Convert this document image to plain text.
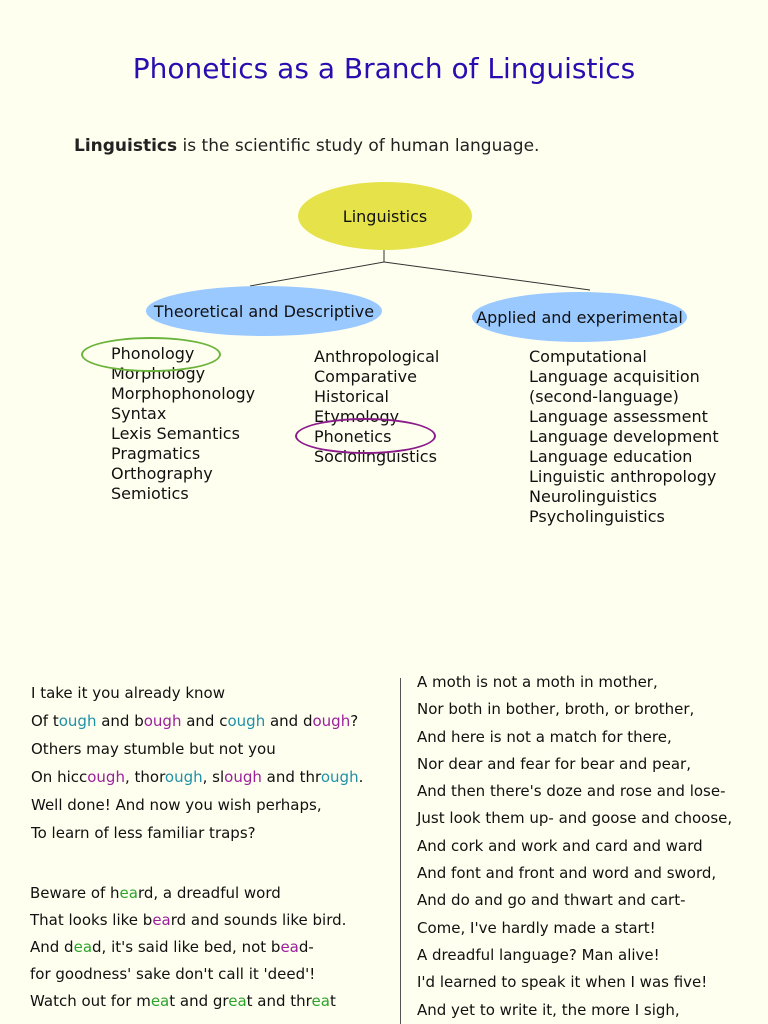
Phonetics as a Branch of Linguistics
Linguistics is the scientific study of human language.
Linguistics
Theoretical and Descriptive	Applied and experimental
Phonology
Morphology
Morphophonology
Syntax
Lexis Semantics
Pragmatics
Orthography
Semiotics
Anthropological
Comparative
Historical
Etymology
Phonetics
Sociolinguistics
Computational
Language acquisition
(second-language)
Language assessment
Language development
Language education
Linguistic anthropology
Neurolinguistics
Psycholinguistics
I take it you already know
Of tough and bough and cough and dough?
Others may stumble but not you
On hiccough, thorough, slough and through.
Well done! And now you wish perhaps,
To learn of less familiar traps?
Beware of heard, a dreadful word
That looks like beard and sounds like bird.
And dead, it's said like bed, not bead-
for goodness' sake don't call it 'deed'!
Watch out for meat and great and threat
A moth is not a moth in mother,
Nor both in bother, broth, or brother,
And here is not a match for there,
Nor dear and fear for bear and pear,
And then there's doze and rose and lose-
Just look them up- and goose and choose,
And cork and work and card and ward
And font and front and word and sword,
And do and go and thwart and cart-
Come, I've hardly made a start!
A dreadful language? Man alive!
I'd learned to speak it when I was five!
And yet to write it, the more I sigh,
